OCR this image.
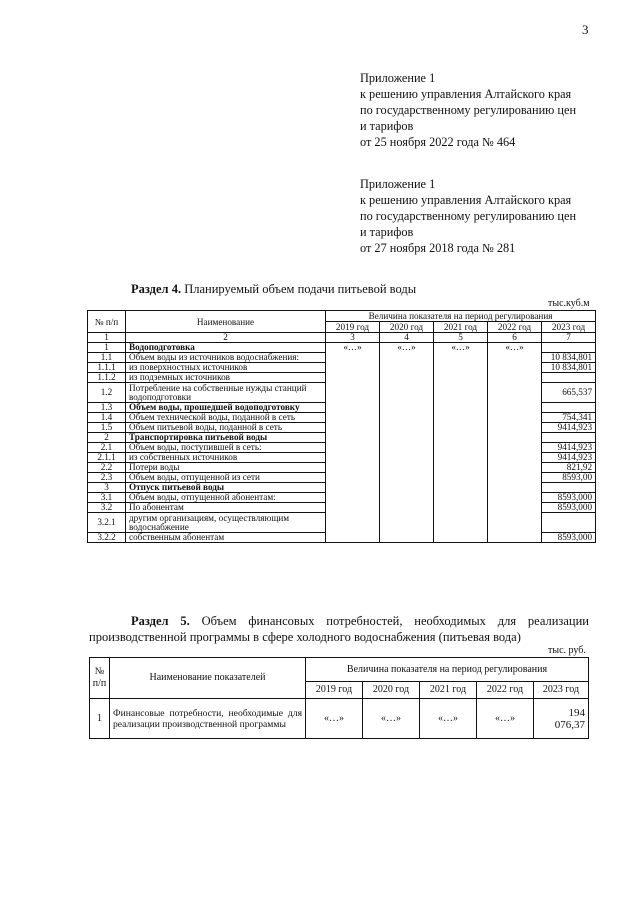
3
Приложение 1
к решению управления Алтайского края
по государственному регулированию цен
и тарифов
от 25 ноября 2022 года № 464
Приложение 1
к решению управления Алтайского края
по государственному регулированию цен
и тарифов
от 27 ноября 2018 года № 281
Раздел 4. Планируемый объем подачи питьевой воды
тыс.куб.м
№ п/п	Наименование	Величина показателя на период регулирования				
		2019 год	2020 год	2021 год	2022 год	2023 год
1	2	3	4	5	6	7
1	Водоподготовка	«…»	«…»	«…»	«…»	
1.1	Объем воды из источников водоснабжения:					10 834,801
1.1.1	из поверхностных источников					10 834,801
1.1.2	из подземных источников					
1.2	Потребление на собственные нужды станций водоподготовки					665,537
1.3	Объем воды, прошедшей водоподготовку					
1.4	Объем технической воды, поданной в сеть					754,341
1.5	Объем питьевой воды, поданной в сеть					9414,923
2	Транспортировка питьевой воды					
2.1	Объем воды, поступившей в сеть:					9414,923
2.1.1	из собственных источников					9414,923
2.2	Потери воды					821,92
2.3	Объем воды, отпущенной из сети					8593,00
3	Отпуск питьевой воды					
3.1	Объем воды, отпущенной абонентам:					8593,000
3.2	По абонентам					8593,000
3.2.1	другим организациям, осуществляющим водоснабжение					
3.2.2	собственным абонентам					8593,000
Раздел 5. Объем финансовых потребностей, необходимых для реализации производственной программы в сфере холодного водоснабжения (питьевая вода)
тыс. руб.
№ п/п	Наименование показателей	Величина показателя на период регулирования				
		2019 год	2020 год	2021 год	2022 год	2023 год
1	Финансовые потребности, необходимые для реализации производственной программы	«…»	«…»	«…»	«…»	194 076,37
